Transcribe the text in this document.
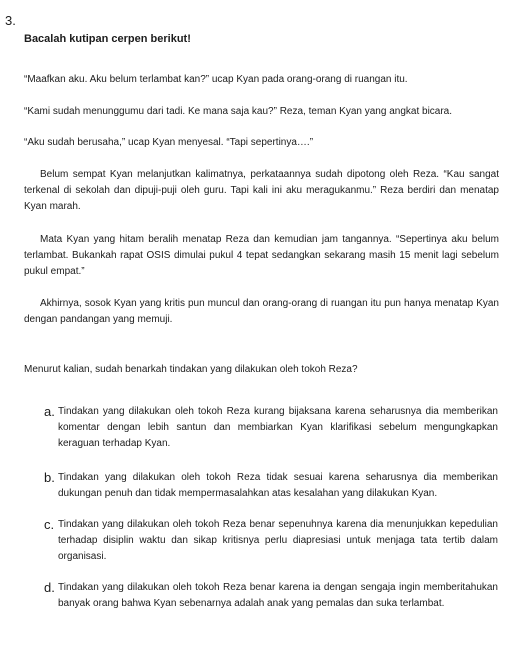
3.
Bacalah kutipan cerpen berikut!

“Maafkan aku. Aku belum terlambat kan?” ucap Kyan pada orang-orang di ruangan itu.

“Kami sudah menunggumu dari tadi. Ke mana saja kau?” Reza, teman Kyan yang angkat bicara.

“Aku sudah berusaha,” ucap Kyan menyesal. “Tapi sepertinya….”

Belum sempat Kyan melanjutkan kalimatnya, perkataannya sudah dipotong oleh Reza. “Kau sangat terkenal di sekolah dan dipuji-puji oleh guru. Tapi kali ini aku meragukanmu.” Reza berdiri dan menatap Kyan marah.

Mata Kyan yang hitam beralih menatap Reza dan kemudian jam tangannya. “Sepertinya aku belum terlambat. Bukankah rapat OSIS dimulai pukul 4 tepat sedangkan sekarang masih 15 menit lagi sebelum pukul empat.”

Akhirnya, sosok Kyan yang kritis pun muncul dan orang-orang di ruangan itu pun hanya menatap Kyan dengan pandangan yang memuji.

Menurut kalian, sudah benarkah tindakan yang dilakukan oleh tokoh Reza?
a. Tindakan yang dilakukan oleh tokoh Reza kurang bijaksana karena seharusnya dia memberikan komentar dengan lebih santun dan membiarkan Kyan klarifikasi sebelum mengungkapkan keraguan terhadap Kyan.
b. Tindakan yang dilakukan oleh tokoh Reza tidak sesuai karena seharusnya dia memberikan dukungan penuh dan tidak mempermasalahkan atas kesalahan yang dilakukan Kyan.
c. Tindakan yang dilakukan oleh tokoh Reza benar sepenuhnya karena dia menunjukkan kepedulian terhadap disiplin waktu dan sikap kritisnya perlu diapresiasi untuk menjaga tata tertib dalam organisasi.
d. Tindakan yang dilakukan oleh tokoh Reza benar karena ia dengan sengaja ingin memberitahukan banyak orang bahwa Kyan sebenarnya adalah anak yang pemalas dan suka terlambat.
